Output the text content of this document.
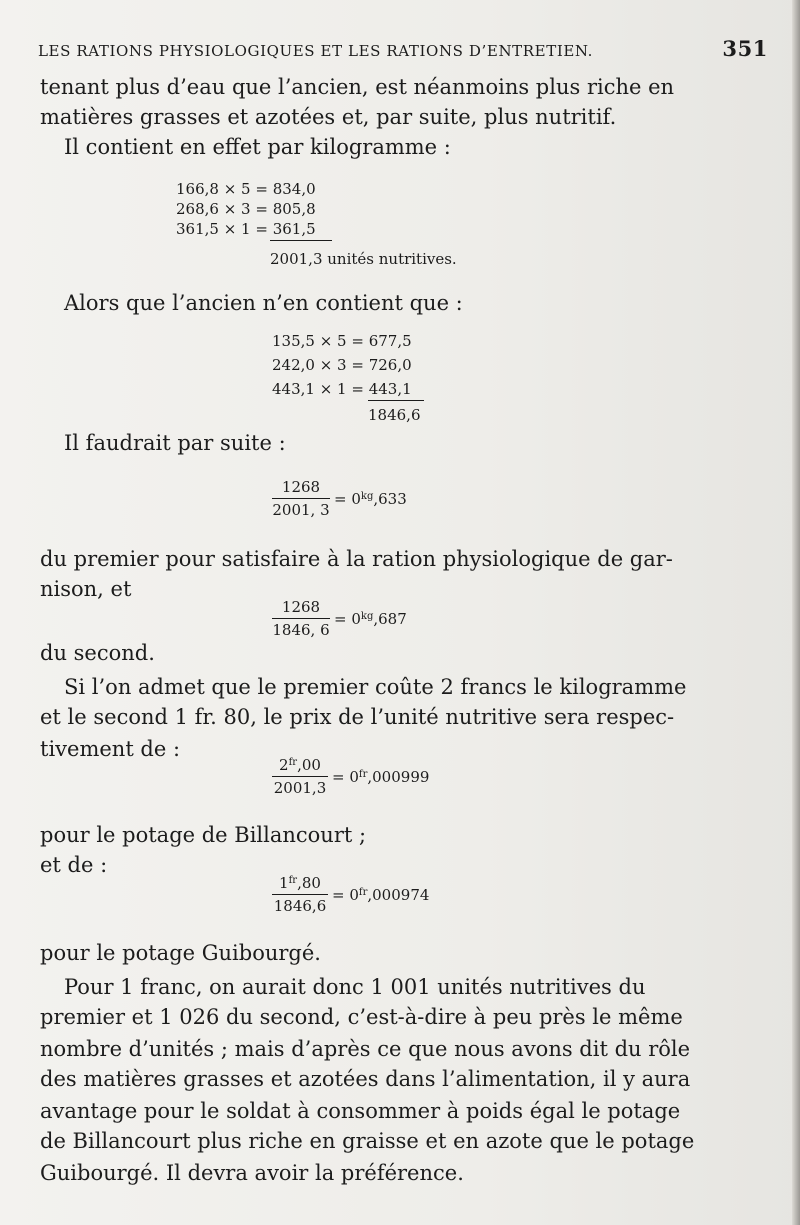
LES RATIONS PHYSIOLOGIQUES ET LES RATIONS D’ENTRETIEN.	351
tenant plus d’eau que l’ancien, est néanmoins plus riche en
matières grasses et azotées et, par suite, plus nutritif.
Il contient en effet par kilogramme :
166,8 × 5 = 834,0
268,6 × 3 = 805,8
361,5 × 1 = 361,5
2001,3 unités nutritives.
Alors que l’ancien n’en contient que :
135,5 × 5 = 677,5
242,0 × 3 = 726,0
443,1 × 1 = 443,1
1846,6
Il faudrait par suite :
1268
2001, 3
= $0^{kg},633$
du premier pour satisfaire à la ration physiologique de gar-
nison, et
1268
1846, 6
= $0^{kg},687$
du second.
Si l’on admet que le premier coûte 2 francs le kilogramme
et le second 1 fr. 80, le prix de l’unité nutritive sera respec-
tivement de :
$2^{fr},00$
2001,3
= $0^{fr},000999$
pour le potage de Billancourt ;
et de :
$1^{fr},80$
1846,6
= $0^{fr},000974$
pour le potage Guibourgé.
Pour 1 franc, on aurait donc 1 001 unités nutritives du
premier et 1 026 du second, c’est-à-dire à peu près le même
nombre d’unités ; mais d’après ce que nous avons dit du rôle
des matières grasses et azotées dans l’alimentation, il y aura
avantage pour le soldat à consommer à poids égal le potage
de Billancourt plus riche en graisse et en azote que le potage
Guibourgé. Il devra avoir la préférence.
